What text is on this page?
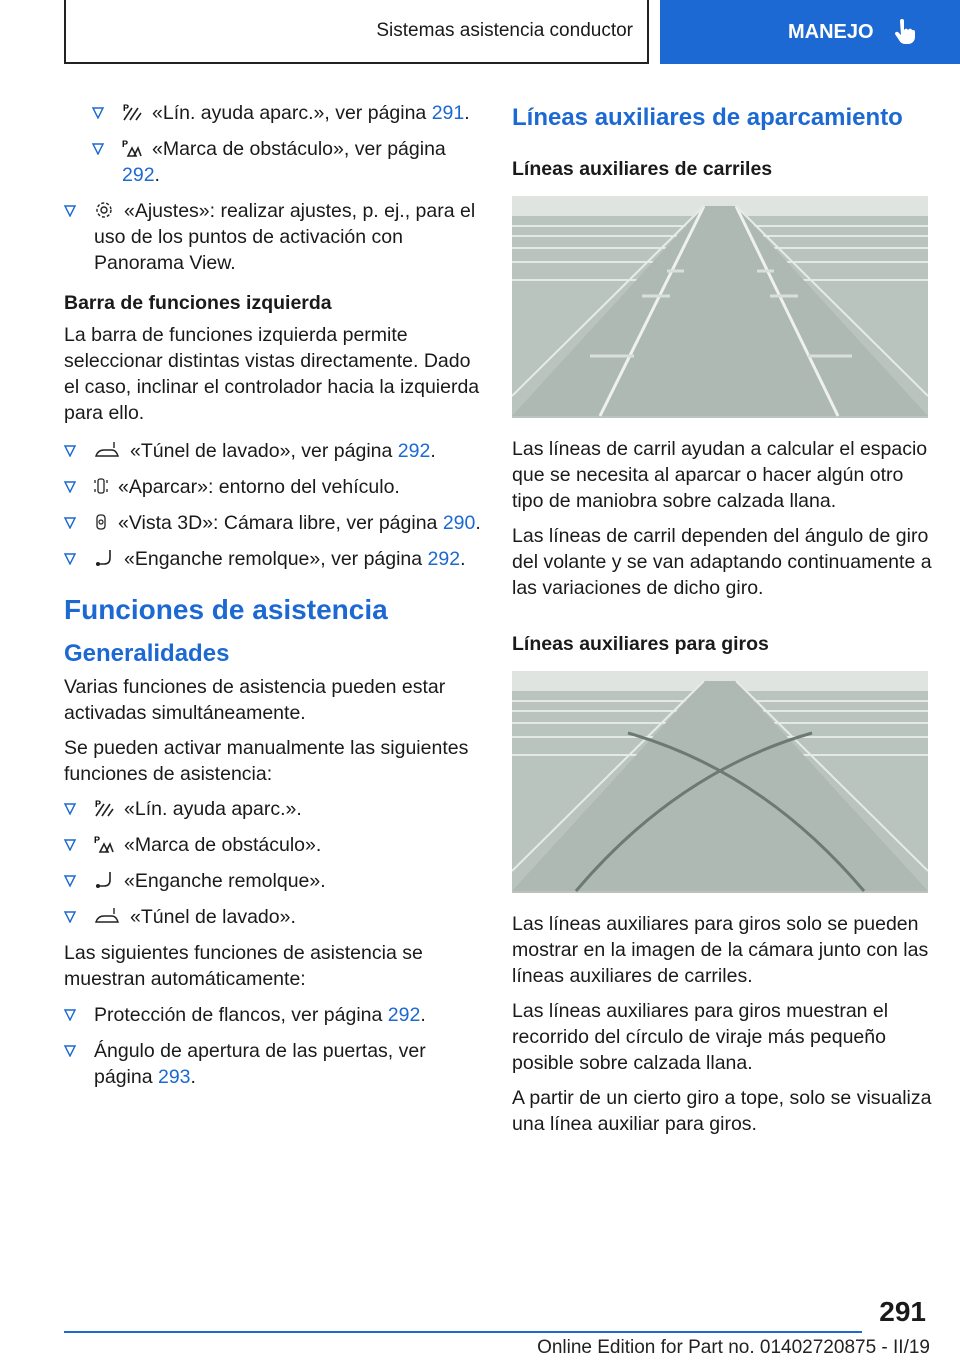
Sistemas asistencia conductor	MANEJO
P «Lín. ayuda aparc.», ver página 291.
P «Marca de obstáculo», ver página 292.
«Ajustes»: realizar ajustes, p. ej., para el uso de los puntos de activación con Panorama View.
Barra de funciones izquierda

La barra de funciones izquierda permite seleccionar distintas vistas directamente. Dado el caso, inclinar el controlador hacia la izquierda para ello.

«Túnel de lavado», ver página 292.
«Aparcar»: entorno del vehículo.
«Vista 3D»: Cámara libre, ver página 290.
«Enganche remolque», ver página 292.
Funciones de asistencia
Generalidades

Varias funciones de asistencia pueden estar activadas simultáneamente.

Se pueden activar manualmente las siguientes funciones de asistencia:

P «Lín. ayuda aparc.».
P «Marca de obstáculo».
«Enganche remolque».
«Túnel de lavado».

Las siguientes funciones de asistencia se muestran automáticamente:

Protección de flancos, ver página 292.
Ángulo de apertura de las puertas, ver página 293.
Líneas auxiliares de aparcamiento
Líneas auxiliares de carriles

Las líneas de carril ayudan a calcular el espacio que se necesita al aparcar o hacer algún otro tipo de maniobra sobre calzada llana.

Las líneas de carril dependen del ángulo de giro del volante y se van adaptando continuamente a las variaciones de dicho giro.

Líneas auxiliares para giros

Las líneas auxiliares para giros solo se pueden mostrar en la imagen de la cámara junto con las líneas auxiliares de carriles.

Las líneas auxiliares para giros muestran el recorrido del círculo de viraje más pequeño posible sobre calzada llana.

A partir de un cierto giro a tope, solo se visualiza una línea auxiliar para giros.

291
Online Edition for Part no. 01402720875 - II/19
